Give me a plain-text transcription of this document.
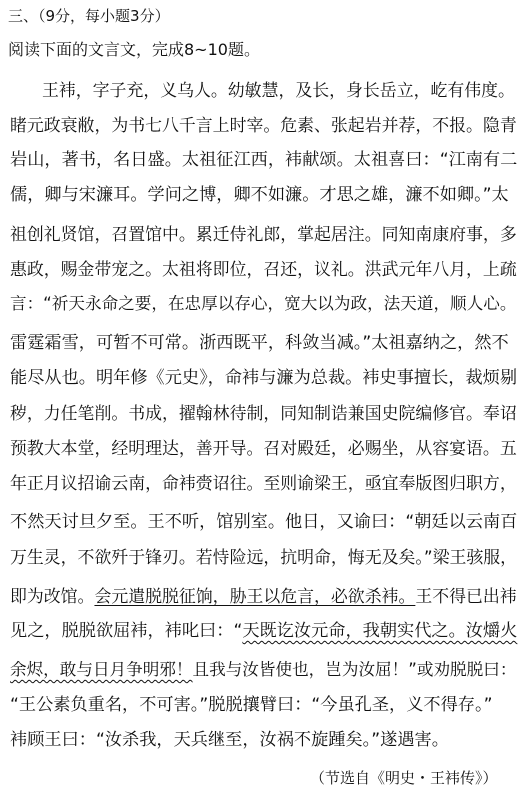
三、（9分，每小题3分）
阅读下面的文言文，完成8~10题。
王袆，字子充，义乌人。幼敏慧，及长，身长岳立，屹有伟度。
睹元政衰敝，为书七八千言上时宰。危素、张起岩并荐，不报。隐青
岩山，著书，名日盛。太祖征江西，袆献颂。太祖喜曰：“江南有二
儒，卿与宋濂耳。学问之博，卿不如濂。才思之雄，濂不如卿。”太
祖创礼贤馆，召置馆中。累迁侍礼郎，掌起居注。同知南康府事，多
惠政，赐金带宠之。太祖将即位，召还，议礼。洪武元年八月，上疏
言：“祈天永命之要，在忠厚以存心，宽大以为政，法天道，顺人心。
雷霆霜雪，可暂不可常。浙西既平，科敛当减。”太祖嘉纳之，然不
能尽从也。明年修《元史》，命袆与濂为总裁。袆史事擅长，裁烦剔
秽，力任笔削。书成，擢翰林待制，同知制诰兼国史院编修官。奉诏
预教大本堂，经明理达，善开导。召对殿廷，必赐坐，从容宴语。五
年正月议招谕云南，命袆赍诏往。至则谕梁王，亟宜奉版图归职方，
不然天讨旦夕至。王不听，馆别室。他日，又谕曰：“朝廷以云南百
万生灵，不欲歼于锋刃。若恃险远，抗明命，悔无及矣。”梁王骇服，
即为改馆。会元遣脱脱征饷，胁王以危言，必欲杀袆。王不得已出袆
见之，脱脱欲屈袆，袆叱曰：“天既讫汝元命，我朝实代之。汝爝火
余烬，敢与日月争明邪！且我与汝皆使也，岂为汝屈！”或劝脱脱曰：
“王公素负重名，不可害。”脱脱攘臂曰：“今虽孔圣，义不得存。”
袆顾王曰：“汝杀我，天兵继至，汝祸不旋踵矣。”遂遇害。
（节选自《明史・王袆传》）
